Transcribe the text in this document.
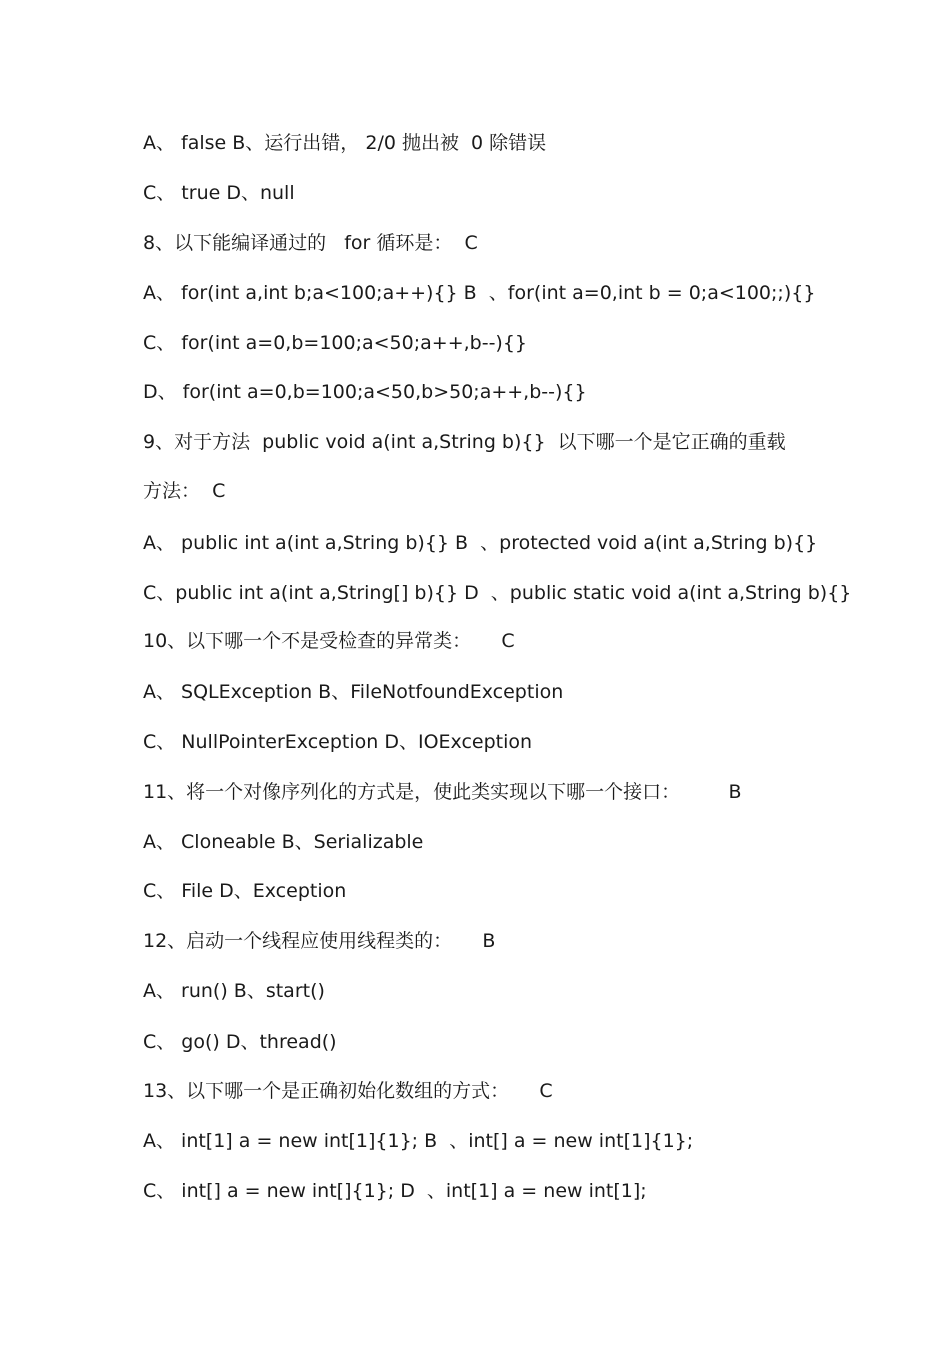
A、 false B、运行出错， 2/0 抛出被  0 除错误
C、 true D、null
8、以下能编译通过的   for 循环是：  C
A、 for(int a,int b;a<100;a++){} B  、for(int a=0,int b = 0;a<100;;){}
C、 for(int a=0,b=100;a<50;a++,b--){}
D、 for(int a=0,b=100;a<50,b>50;a++,b--){}
9、对于方法  public void a(int a,String b){}  以下哪一个是它正确的重载
方法：  C
A、 public int a(int a,String b){} B  、protected void a(int a,String b){}
C、public int a(int a,String[] b){} D  、public static void a(int a,String b){}
10、以下哪一个不是受检查的异常类：     C
A、 SQLException B、FileNotfoundException
C、 NullPointerException D、IOException
11、将一个对像序列化的方式是，使此类实现以下哪一个接口：        B
A、 Cloneable B、Serializable
C、 File D、Exception
12、启动一个线程应使用线程类的：     B
A、 run() B、start()
C、 go() D、thread()
13、以下哪一个是正确初始化数组的方式：     C
A、 int[1] a = new int[1]{1}; B  、int[] a = new int[1]{1};
C、 int[] a = new int[]{1}; D  、int[1] a = new int[1];
